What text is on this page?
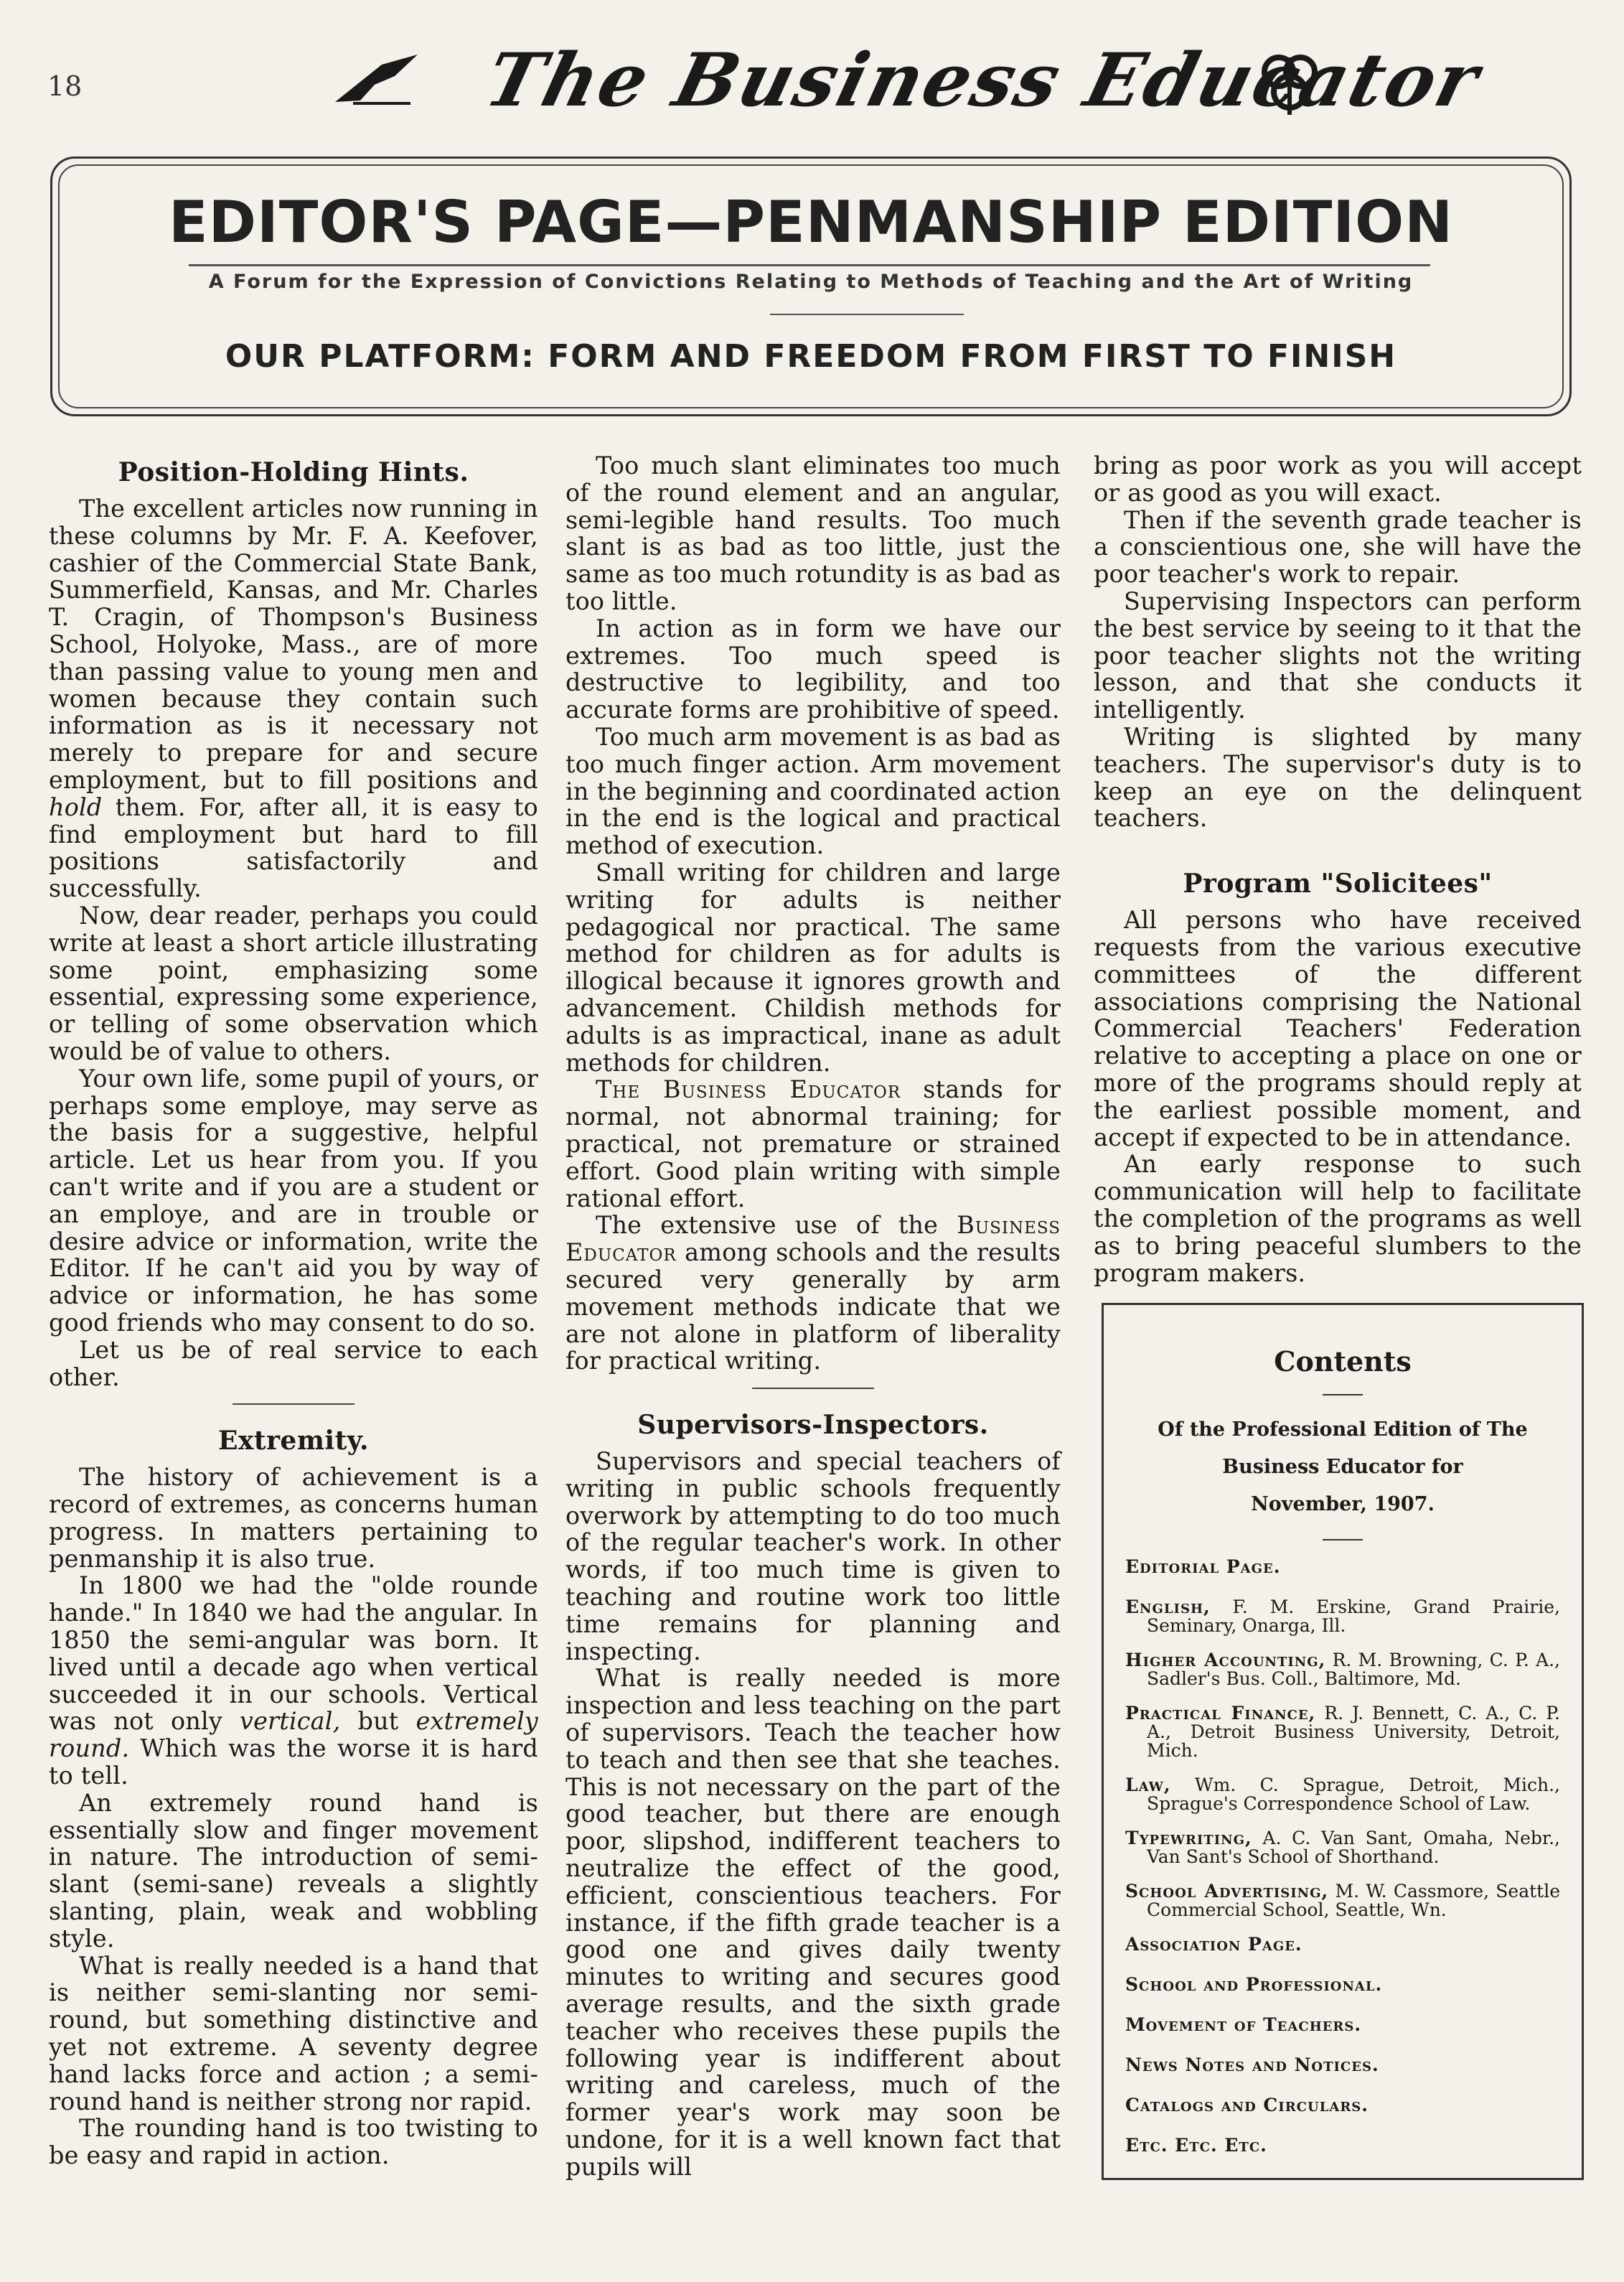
18	The Business Educator
EDITOR'S PAGE—PENMANSHIP EDITION
A Forum for the Expression of Convictions Relating to Methods of Teaching and the Art of Writing
OUR PLATFORM: FORM AND FREEDOM FROM FIRST TO FINISH
Position-Holding Hints.

The excellent articles now running in these columns by Mr. F. A. Keefover, cashier of the Commercial State Bank, Summerfield, Kansas, and Mr. Charles T. Cragin, of Thompson's Business School, Holyoke, Mass., are of more than passing value to young men and women because they contain such information as is it necessary not merely to prepare for and secure employment, but to fill positions and hold them. For, after all, it is easy to find employment but hard to fill positions satisfactorily and successfully.

Now, dear reader, perhaps you could write at least a short article illustrating some point, emphasizing some essential, expressing some experience, or telling of some observation which would be of value to others.

Your own life, some pupil of yours, or perhaps some employe, may serve as the basis for a suggestive, helpful article. Let us hear from you. If you can't write and if you are a student or an employe, and are in trouble or desire advice or information, write the Editor. If he can't aid you by way of advice or information, he has some good friends who may consent to do so.

Let us be of real service to each other.

Extremity.

The history of achievement is a record of extremes, as concerns human progress. In matters pertaining to penmanship it is also true.

In 1800 we had the "olde rounde hande." In 1840 we had the angular. In 1850 the semi-angular was born. It lived until a decade ago when vertical succeeded it in our schools. Vertical was not only vertical, but extremely round. Which was the worse it is hard to tell.

An extremely round hand is essentially slow and finger movement in nature. The introduction of semi-slant (semi-sane) reveals a slightly slanting, plain, weak and wobbling style.

What is really needed is a hand that is neither semi-slanting nor semi-round, but something distinctive and yet not extreme. A seventy degree hand lacks force and action ; a semi-round hand is neither strong nor rapid.

The rounding hand is too twisting to be easy and rapid in action.

Too much slant eliminates too much of the round element and an angular, semi-legible hand results. Too much slant is as bad as too little, just the same as too much rotundity is as bad as too little.

In action as in form we have our extremes. Too much speed is destructive to legibility, and too accurate forms are prohibitive of speed.

Too much arm movement is as bad as too much finger action. Arm movement in the beginning and coordinated action in the end is the logical and practical method of execution.

Small writing for children and large writing for adults is neither pedagogical nor practical. The same method for children as for adults is illogical because it ignores growth and advancement. Childish methods for adults is as impractical, inane as adult methods for children.

The Business Educator stands for normal, not abnormal training; for practical, not premature or strained effort. Good plain writing with simple rational effort.

The extensive use of the Business Educator among schools and the results secured very generally by arm movement methods indicate that we are not alone in platform of liberality for practical writing.

Supervisors-Inspectors.

Supervisors and special teachers of writing in public schools frequently overwork by attempting to do too much of the regular teacher's work. In other words, if too much time is given to teaching and routine work too little time remains for planning and inspecting.

What is really needed is more inspection and less teaching on the part of supervisors. Teach the teacher how to teach and then see that she teaches. This is not necessary on the part of the good teacher, but there are enough poor, slipshod, indifferent teachers to neutralize the effect of the good, efficient, conscientious teachers. For instance, if the fifth grade teacher is a good one and gives daily twenty minutes to writing and secures good average results, and the sixth grade teacher who receives these pupils the following year is indifferent about writing and careless, much of the former year's work may soon be undone, for it is a well known fact that pupils will

bring as poor work as you will accept or as good as you will exact.

Then if the seventh grade teacher is a conscientious one, she will have the poor teacher's work to repair.

Supervising Inspectors can perform the best service by seeing to it that the poor teacher slights not the writing lesson, and that she conducts it intelligently.

Writing is slighted by many teachers. The supervisor's duty is to keep an eye on the delinquent teachers.

Program "Solicitees"

All persons who have received requests from the various executive committees of the different associations comprising the National Commercial Teachers' Federation relative to accepting a place on one or more of the programs should reply at the earliest possible moment, and accept if expected to be in attendance.

An early response to such communication will help to facilitate the completion of the programs as well as to bring peaceful slumbers to the program makers.

Contents
Of the Professional Edition of The
Business Educator for
November, 1907.
Editorial Page.
English, F. M. Erskine, Grand Prairie, Seminary, Onarga, Ill.
Higher Accounting, R. M. Browning, C. P. A., Sadler's Bus. Coll., Baltimore, Md.
Practical Finance, R. J. Bennett, C. A., C. P. A., Detroit Business University, Detroit, Mich.
Law, Wm. C. Sprague, Detroit, Mich., Sprague's Correspondence School of Law.
Typewriting, A. C. Van Sant, Omaha, Nebr., Van Sant's School of Shorthand.
School Advertising, M. W. Cassmore, Seattle Commercial School, Seattle, Wn.
Association Page.
School and Professional.
Movement of Teachers.
News Notes and Notices.
Catalogs and Circulars.
Etc. Etc. Etc.
